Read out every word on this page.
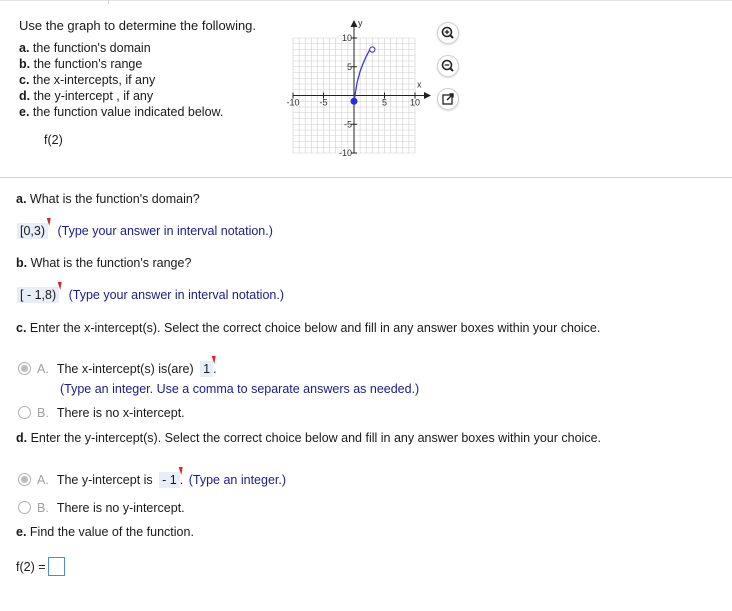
Use the graph to determine the following.
a. the function's domain
b. the function's range
c. the x-intercepts, if any
d. the y-intercept , if any
e. the function value indicated below.
f(2)
-10 -5	5	10
10
5
-5
-10
y
x
a. What is the function's domain?
[0,3) (Type your answer in interval notation.)
b. What is the function's range?
[ - 1,8) (Type your answer in interval notation.)
c. Enter the x-intercept(s). Select the correct choice below and fill in any answer boxes within your choice.
A. The x-intercept(s) is(are) 1 .
(Type an integer. Use a comma to separate answers as needed.)
B. There is no x-intercept.
d. Enter the y-intercept(s). Select the correct choice below and fill in any answer boxes within your choice.
A. The y-intercept is - 1 . (Type an integer.)
B. There is no y-intercept.
e. Find the value of the function.
f(2) =
